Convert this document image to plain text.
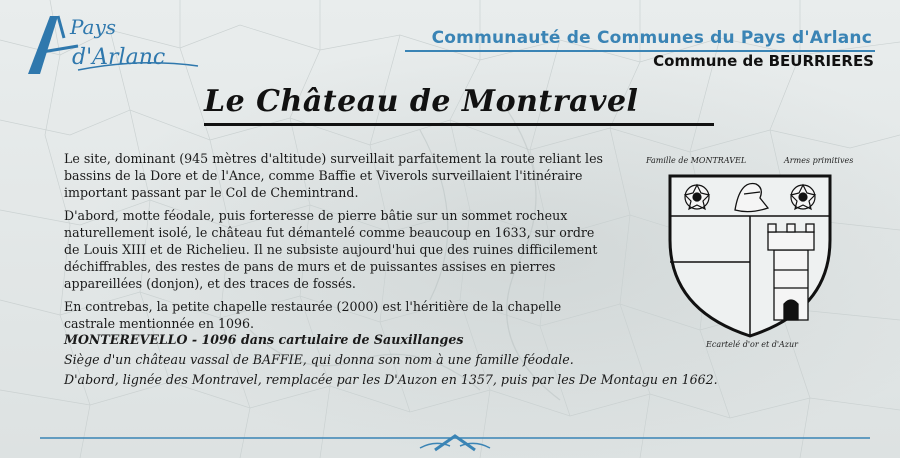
Pays
d'Arlanc
Communauté de Communes du Pays d'Arlanc
Commune de BEURRIERES
Le Château de Montravel

Le site, dominant (945 mètres d'altitude) surveillait parfaitement la route reliant les bassins de la Dore et de l'Ance, comme Baffie et Viverols surveillaient l'itinéraire important passant par le Col de Chemintrand.

D'abord, motte féodale, puis forteresse de pierre bâtie sur un sommet rocheux naturellement isolé, le château fut démantelé comme beaucoup en 1633, sur ordre de Louis XIII et de Richelieu. Il ne subsiste aujourd'hui que des ruines difficilement déchiffrables, des restes de pans de murs et de puissantes assises en pierres appareillées (donjon), et des traces de fossés.

En contrebas, la petite chapelle restaurée (2000) est l'héritière de la chapelle castrale mentionnée en 1096.

Famille de MONTRAVEL	Armes primitives
Ecartelé d'or et d'Azur

MONTEREVELLO - 1096 dans cartulaire de Sauxillanges

Siège d'un château vassal de BAFFIE, qui donna son nom à une famille féodale.

D'abord, lignée des Montravel, remplacée par les D'Auzon en 1357, puis par les De Montagu en 1662.
